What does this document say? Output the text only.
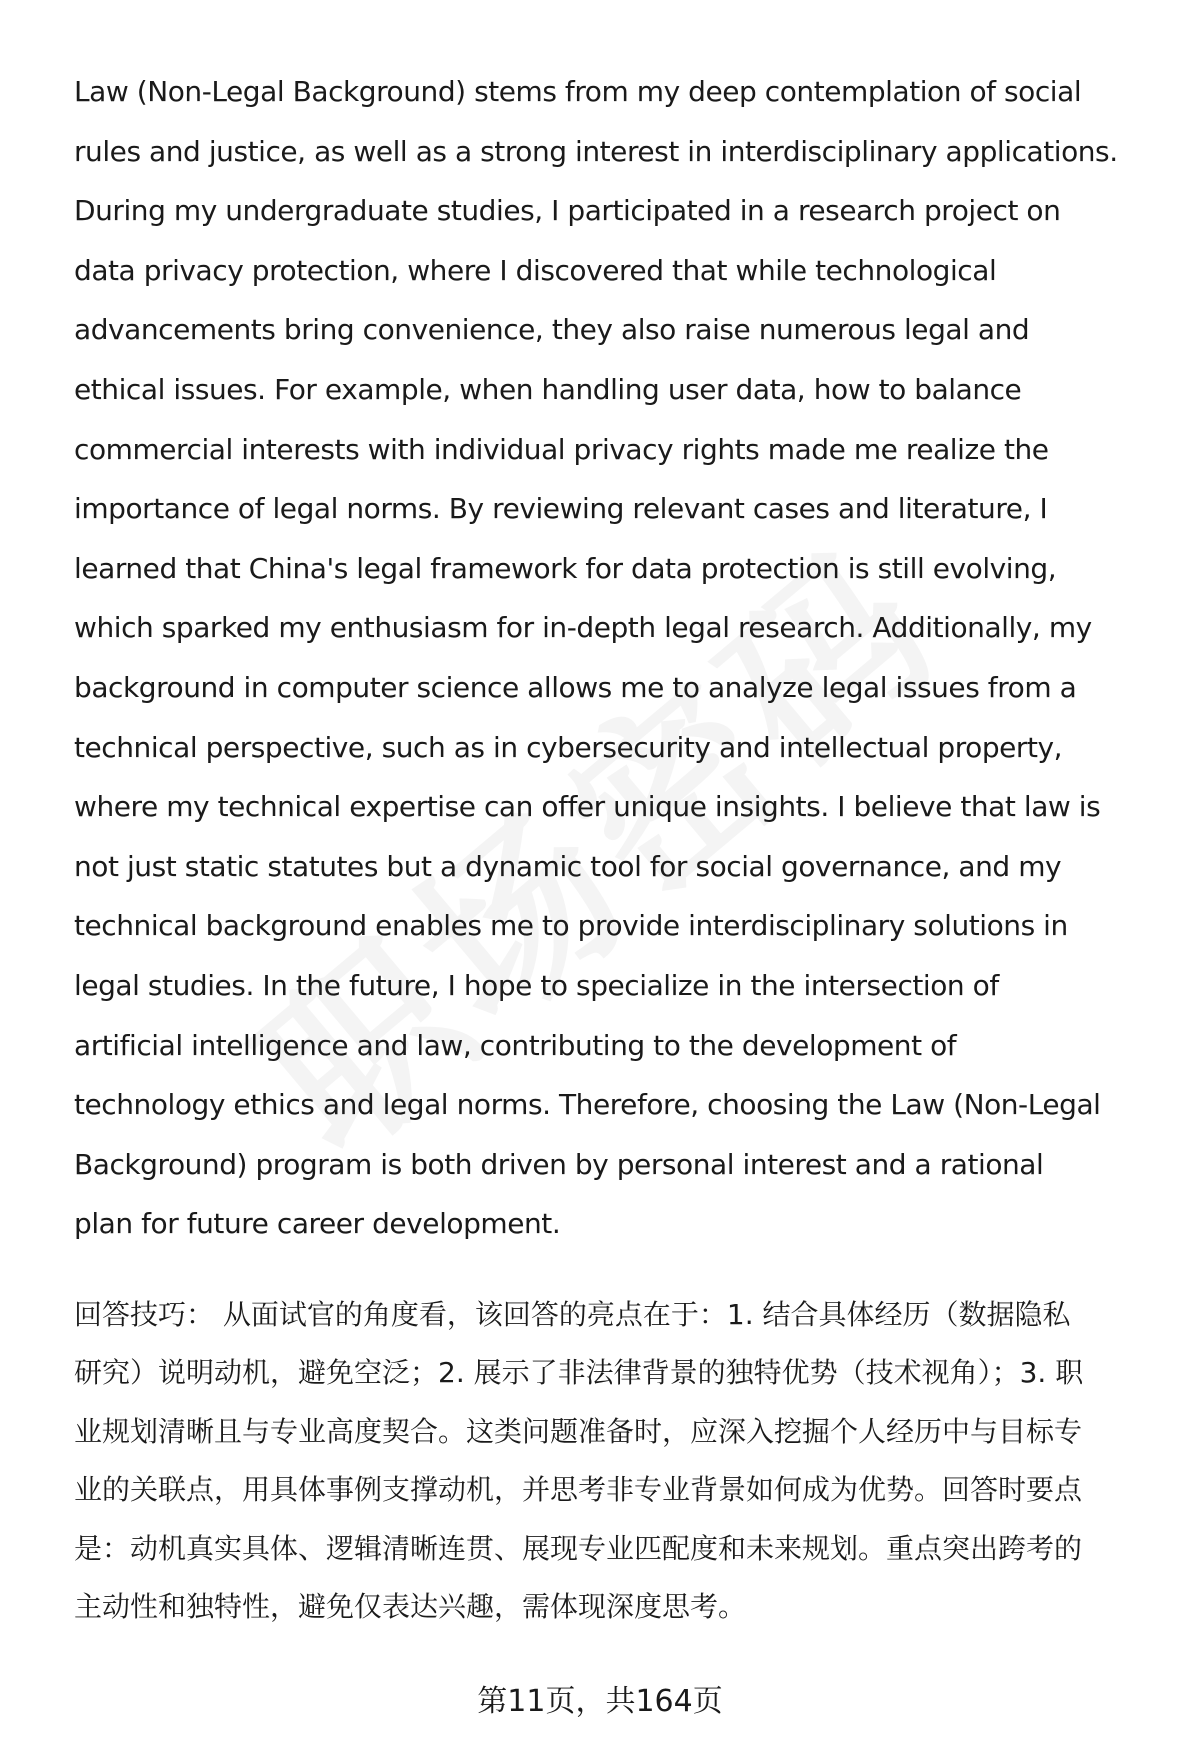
Law (Non-Legal Background) stems from my deep contemplation of social
rules and justice, as well as a strong interest in interdisciplinary applications.
During my undergraduate studies, I participated in a research project on
data privacy protection, where I discovered that while technological
advancements bring convenience, they also raise numerous legal and
ethical issues. For example, when handling user data, how to balance
commercial interests with individual privacy rights made me realize the
importance of legal norms. By reviewing relevant cases and literature, I
learned that China's legal framework for data protection is still evolving,
which sparked my enthusiasm for in-depth legal research. Additionally, my
background in computer science allows me to analyze legal issues from a
technical perspective, such as in cybersecurity and intellectual property,
where my technical expertise can offer unique insights. I believe that law is
not just static statutes but a dynamic tool for social governance, and my
technical background enables me to provide interdisciplinary solutions in
legal studies. In the future, I hope to specialize in the intersection of
artificial intelligence and law, contributing to the development of
technology ethics and legal norms. Therefore, choosing the Law (Non-Legal
Background) program is both driven by personal interest and a rational
plan for future career development.
回答技巧： 从面试官的角度看，该回答的亮点在于：1. 结合具体经历（数据隐私
研究）说明动机，避免空泛；2. 展示了非法律背景的独特优势（技术视角）；3. 职
业规划清晰且与专业高度契合。这类问题准备时，应深入挖掘个人经历中与目标专
业的关联点，用具体事例支撑动机，并思考非专业背景如何成为优势。回答时要点
是：动机真实具体、逻辑清晰连贯、展现专业匹配度和未来规划。重点突出跨考的
主动性和独特性，避免仅表达兴趣，需体现深度思考。
第11页，共164页
